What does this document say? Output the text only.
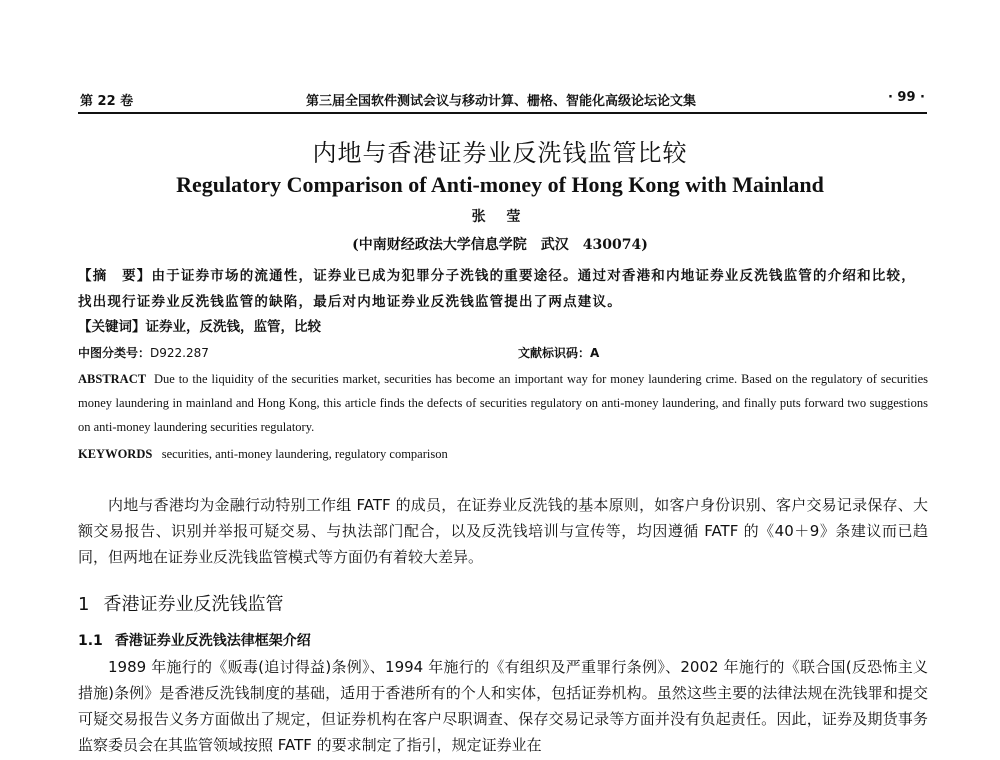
第 22 卷	第三届全国软件测试会议与移动计算、栅格、智能化高级论坛论文集	· 99 ·
内地与香港证券业反洗钱监管比较
Regulatory Comparison of Anti-money of Hong Kong with Mainland
张 莹
(中南财经政法大学信息学院　武汉　430074)
【摘　要】由于证券市场的流通性，证券业已成为犯罪分子洗钱的重要途径。通过对香港和内地证券业反洗钱监管的介绍和比较，找出现行证券业反洗钱监管的缺陷，最后对内地证券业反洗钱监管提出了两点建议。
【关键词】证券业，反洗钱，监管，比较
中图分类号：D922.287	文献标识码：A
ABSTRACT Due to the liquidity of the securities market, securities has become an important way for money laundering crime. Based on the regulatory of securities money laundering in mainland and Hong Kong, this article finds the defects of securities regulatory on anti-money laundering, and finally puts forward two suggestions on anti-money laundering securities regulatory.
KEYWORDS securities, anti-money laundering, regulatory comparison
内地与香港均为金融行动特别工作组 FATF 的成员，在证券业反洗钱的基本原则，如客户身份识别、客户交易记录保存、大额交易报告、识别并举报可疑交易、与执法部门配合，以及反洗钱培训与宣传等，均因遵循 FATF 的《40＋9》条建议而已趋同，但两地在证券业反洗钱监管模式等方面仍有着较大差异。
1 香港证券业反洗钱监管
1.1 香港证券业反洗钱法律框架介绍
1989 年施行的《贩毒(追讨得益)条例》、1994 年施行的《有组织及严重罪行条例》、2002 年施行的《联合国(反恐怖主义措施)条例》是香港反洗钱制度的基础，适用于香港所有的个人和实体，包括证券机构。虽然这些主要的法律法规在洗钱罪和提交可疑交易报告义务方面做出了规定，但证券机构在客户尽职调查、保存交易记录等方面并没有负起责任。因此，证券及期货事务监察委员会在其监管领域按照 FATF 的要求制定了指引，规定证券业在
